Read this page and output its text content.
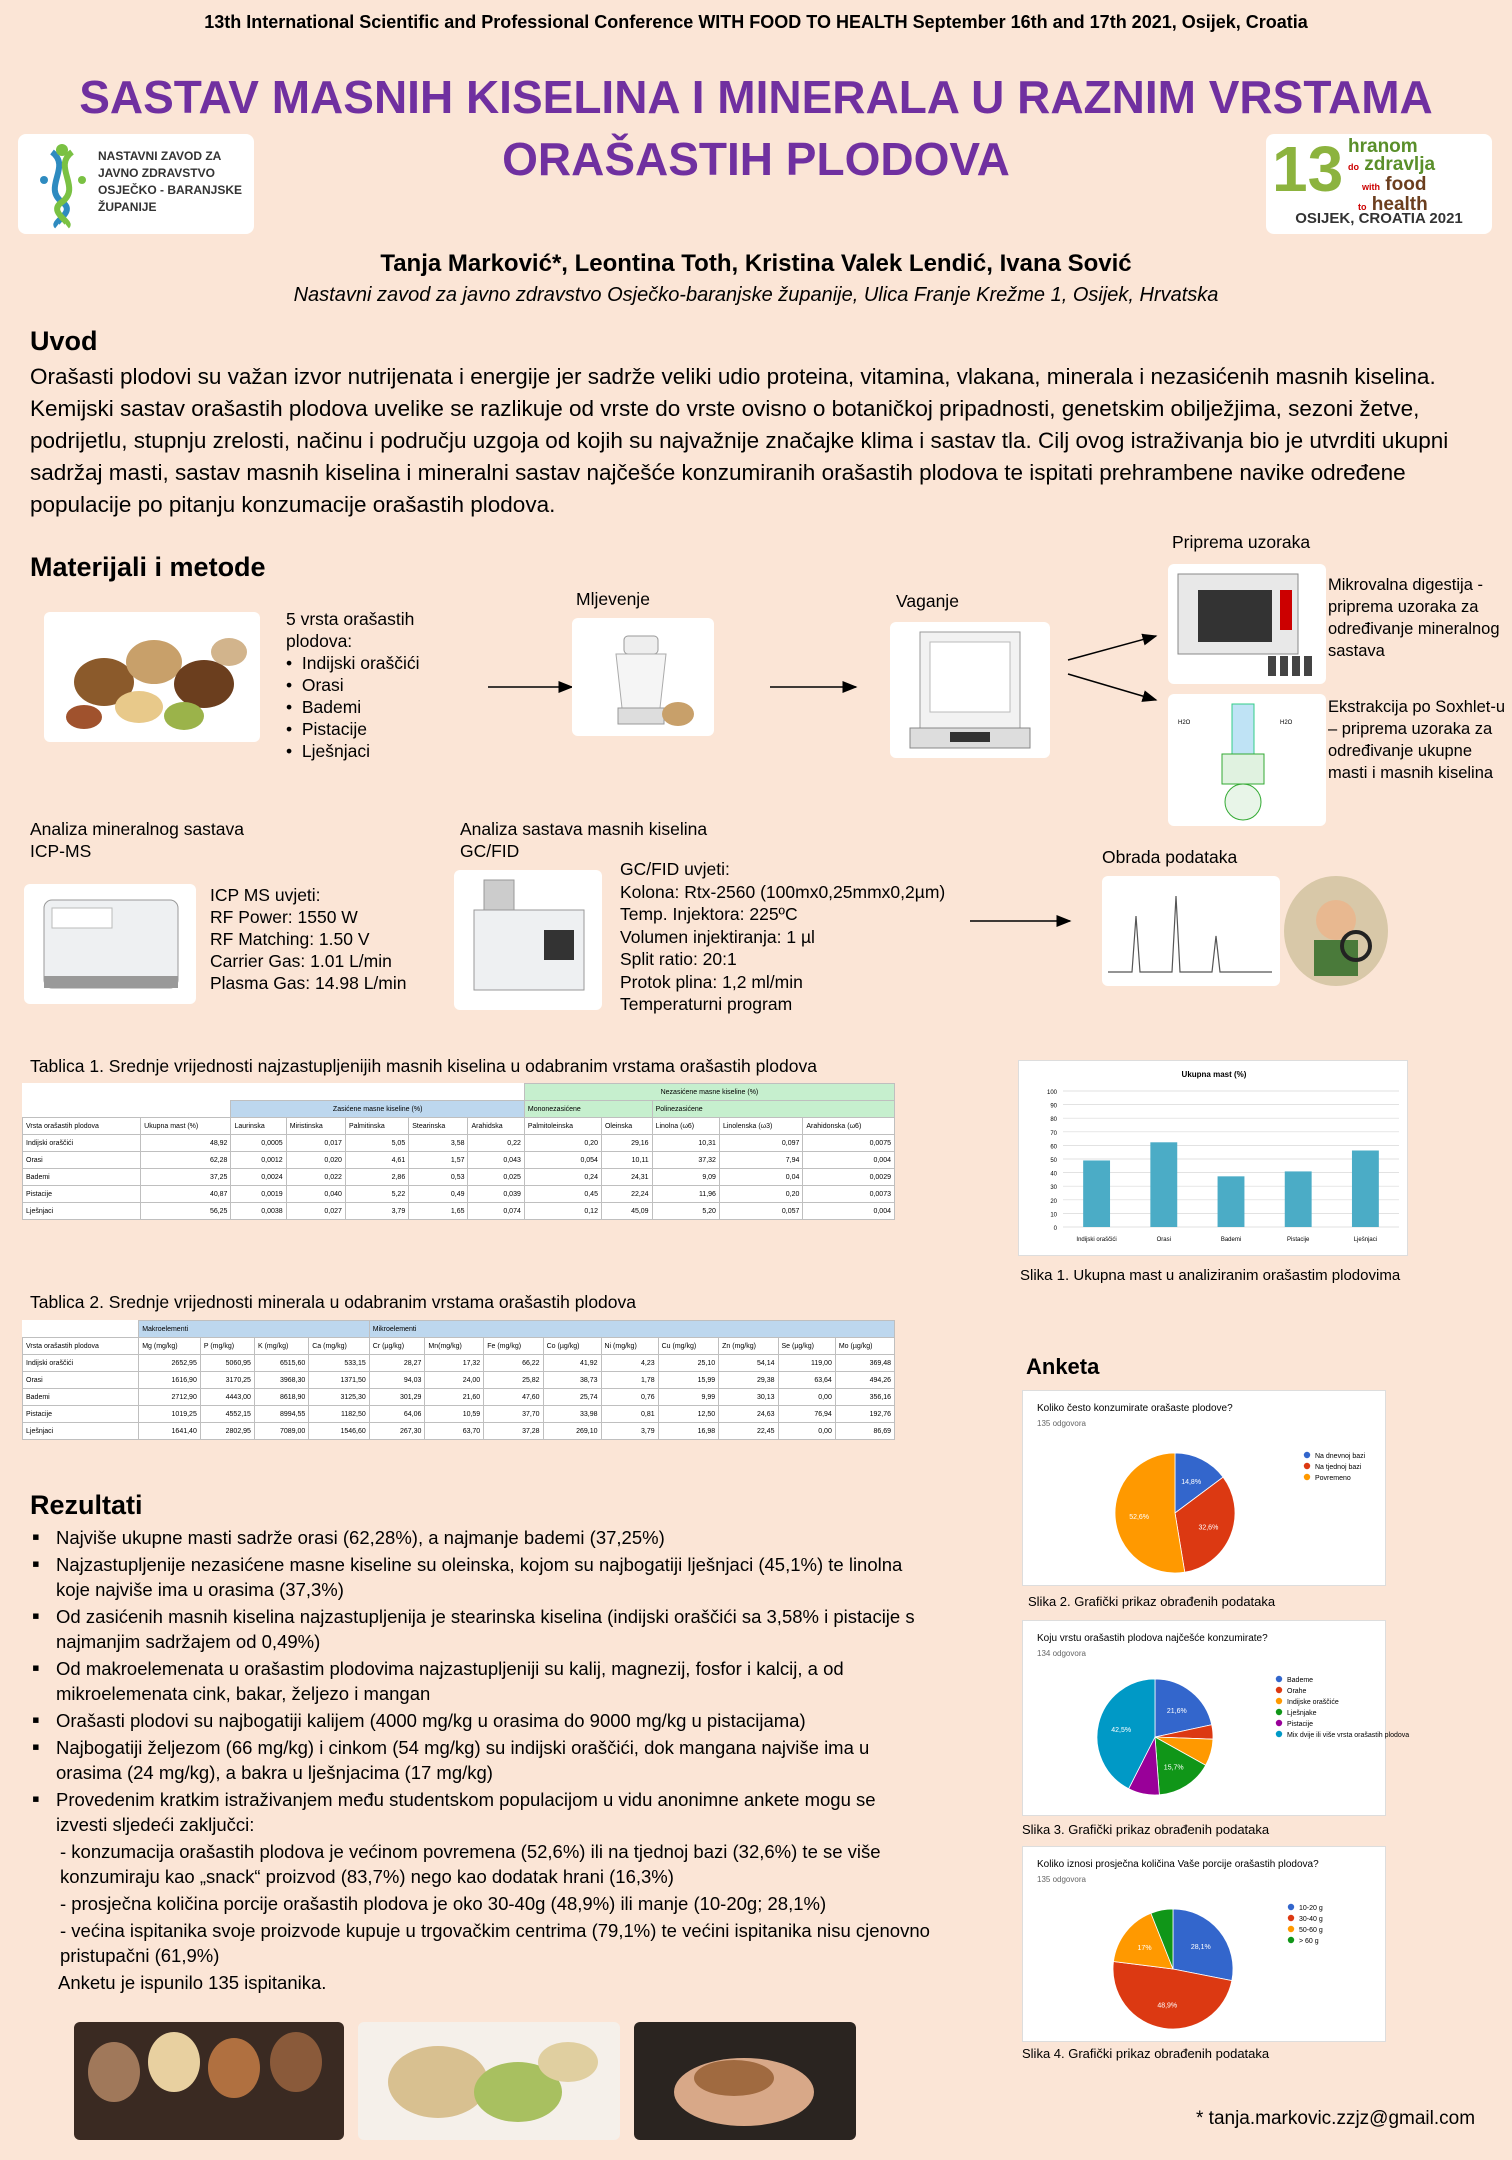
13th International Scientific and Professional Conference WITH FOOD TO HEALTH September 16th and 17th 2021, Osijek, Croatia
SASTAV MASNIH KISELINA I MINERALA U RAZNIM VRSTAMA
ORAŠASTIH PLODOVA
NASTAVNI ZAVOD ZA
JAVNO ZDRAVSTVO
OSJEČKO - BARANJSKE
ŽUPANIJE
13 hranom
do zdravlja
with food
to health
OSIJEK, CROATIA 2021
Tanja Marković*, Leontina Toth, Kristina Valek Lendić, Ivana Sović
Nastavni zavod za javno zdravstvo Osječko-baranjske županije, Ulica Franje Krežme 1, Osijek, Hrvatska
Uvod
Orašasti plodovi su važan izvor nutrijenata i energije jer sadrže veliki udio proteina, vitamina, vlakana, minerala i nezasićenih masnih kiselina. Kemijski sastav orašastih plodova uvelike se razlikuje od vrste do vrste ovisno o botaničkoj pripadnosti, genetskim obilježjima, sezoni žetve, podrijetlu, stupnju zrelosti, načinu i području uzgoja od kojih su najvažnije značajke klima i sastav tla. Cilj ovog istraživanja bio je utvrditi ukupni sadržaj masti, sastav masnih kiselina i mineralni sastav najčešće konzumiranih orašastih plodova te ispitati prehrambene navike određene populacije po pitanju konzumacije orašastih plodova.
Materijali i metode
5 vrsta orašastih plodova:
•  Indijski oraščići
•  Orasi
•  Bademi
•  Pistacije
•  Lješnjaci
Mljevenje	Vaganje
Priprema uzoraka
Mikrovalna digestija -priprema uzoraka za određivanje mineralnog sastava
H2O	H2O
Ekstrakcija po Soxhlet-u – priprema uzoraka za određivanje ukupne masti i masnih kiselina
Analiza mineralnog sastava
ICP-MS
ICP MS uvjeti:
RF Power: 1550 W
RF Matching: 1.50 V
Carrier Gas: 1.01 L/min
Plasma Gas: 14.98 L/min
Analiza sastava masnih kiselina
GC/FID
GC/FID uvjeti:
Kolona: Rtx-2560 (100mx0,25mmx0,2µm)
Temp. Injektora: 225ºC
Volumen injektiranja: 1 µl
Split ratio: 20:1
Protok plina: 1,2 ml/min
Temperaturni program
Obrada podataka
Tablica 1. Srednje vrijednosti najzastupljenijih masnih kiselina u odabranim vrstama orašastih plodova
							Nezasićene masne kiseline (%)				
		Zasićene masne kiseline (%)					Mononezasićene		Polinezasićene		
Vrsta orašastih plodova	Ukupna mast (%)	Laurinska	Miristinska	Palmitinska	Stearinska	Arahidska	Palmitoleinska	Oleinska	Linolna (ω6)	Linolenska (ω3)	Arahidonska (ω6)
Indijski oraščići	48,92	0,0005	0,017	5,05	3,58	0,22	0,20	29,16	10,31	0,097	0,0075
Orasi	62,28	0,0012	0,020	4,61	1,57	0,043	0,054	10,11	37,32	7,94	0,004
Bademi	37,25	0,0024	0,022	2,86	0,53	0,025	0,24	24,31	9,09	0,04	0,0029
Pistacije	40,87	0,0019	0,040	5,22	0,49	0,039	0,45	22,24	11,96	0,20	0,0073
Lješnjaci	56,25	0,0038	0,027	3,79	1,65	0,074	0,12	45,09	5,20	0,057	0,004
Ukupna mast (%)
0
10
20
30
40
50
60
70
80
90
100
Indijski oraščići	Orasi	Bademi	Pistacije	Lješnjaci
Slika 1. Ukupna mast u analiziranim orašastim plodovima
Tablica 2. Srednje vrijednosti minerala u odabranim vrstama orašastih plodova
	Makroelementi				Mikroelementi								
Vrsta orašastih plodova	Mg (mg/kg)	P (mg/kg)	K (mg/kg)	Ca (mg/kg)	Cr (µg/kg)	Mn(mg/kg)	Fe (mg/kg)	Co (µg/kg)	Ni (mg/kg)	Cu (mg/kg)	Zn (mg/kg)	Se (µg/kg)	Mo (µg/kg)
Indijski oraščići	2652,95	5060,95	6515,60	533,15	28,27	17,32	66,22	41,92	4,23	25,10	54,14	119,00	369,48
Orasi	1616,90	3170,25	3968,30	1371,50	94,03	24,00	25,82	38,73	1,78	15,99	29,38	63,64	494,26
Bademi	2712,90	4443,00	8618,90	3125,30	301,29	21,60	47,60	25,74	0,76	9,99	30,13	0,00	356,16
Pistacije	1019,25	4552,15	8994,55	1182,50	64,06	10,59	37,70	33,98	0,81	12,50	24,63	76,94	192,76
Lješnjaci	1641,40	2802,95	7089,00	1546,60	267,30	63,70	37,28	269,10	3,79	16,98	22,45	0,00	86,69
Rezultati
▪ Najviše ukupne masti sadrže orasi (62,28%), a najmanje bademi (37,25%)
▪ Najzastupljenije nezasićene masne kiseline su oleinska, kojom su najbogatiji lješnjaci (45,1%) te linolna koje najviše ima u orasima (37,3%)
▪ Od zasićenih masnih kiselina najzastupljenija je stearinska kiselina (indijski oraščići sa 3,58% i pistacije s najmanjim sadržajem od 0,49%)
▪ Od makroelemenata u orašastim plodovima najzastupljeniji su kalij, magnezij, fosfor i kalcij, a od mikroelemenata cink, bakar, željezo i mangan
▪ Orašasti plodovi su najbogatiji kalijem (4000 mg/kg u orasima do 9000 mg/kg u pistacijama)
▪ Najbogatiji željezom (66 mg/kg) i cinkom (54 mg/kg) su indijski oraščići, dok mangana najviše ima u orasima (24 mg/kg), a bakra u lješnjacima (17 mg/kg)
▪ Provedenim kratkim istraživanjem među studentskom populacijom u vidu anonimne ankete mogu se izvesti sljedeći zaključci:
- konzumacija orašastih plodova je većinom povremena (52,6%) ili na tjednoj bazi (32,6%) te se više konzumiraju kao „snack“ proizvod (83,7%) nego kao dodatak hrani (16,3%)
- prosječna količina porcije orašastih plodova je oko 30-40g (48,9%) ili manje (10-20g; 28,1%)
- većina ispitanika svoje proizvode kupuje u trgovačkim centrima (79,1%) te većini ispitanika nisu cjenovno pristupačni (61,9%)
Anketu je ispunilo 135 ispitanika.
Anketa
Koliko često konzumirate orašaste plodove?
135 odgovora
14,8%
32,6%
52,6%
Na dnevnoj bazi
Na tjednoj bazi
Povremeno
Slika 2. Grafički prikaz obrađenih podataka
Koju vrstu orašastih plodova najčešće konzumirate?
134 odgovora
21,6%
15,7%
42,5%
Bademe
Orahe
Indijske oraščiće
Lješnjake
Pistacije
Mix dvije ili više vrsta orašastih plodova
Slika 3. Grafički prikaz obrađenih podataka
Koliko iznosi prosječna količina Vaše porcije orašastih plodova?
135 odgovora
28,1%
48,9%
17%
10-20 g
30-40 g
50-60 g
> 60 g
Slika 4. Grafički prikaz obrađenih podataka
* tanja.markovic.zzjz@gmail.com
